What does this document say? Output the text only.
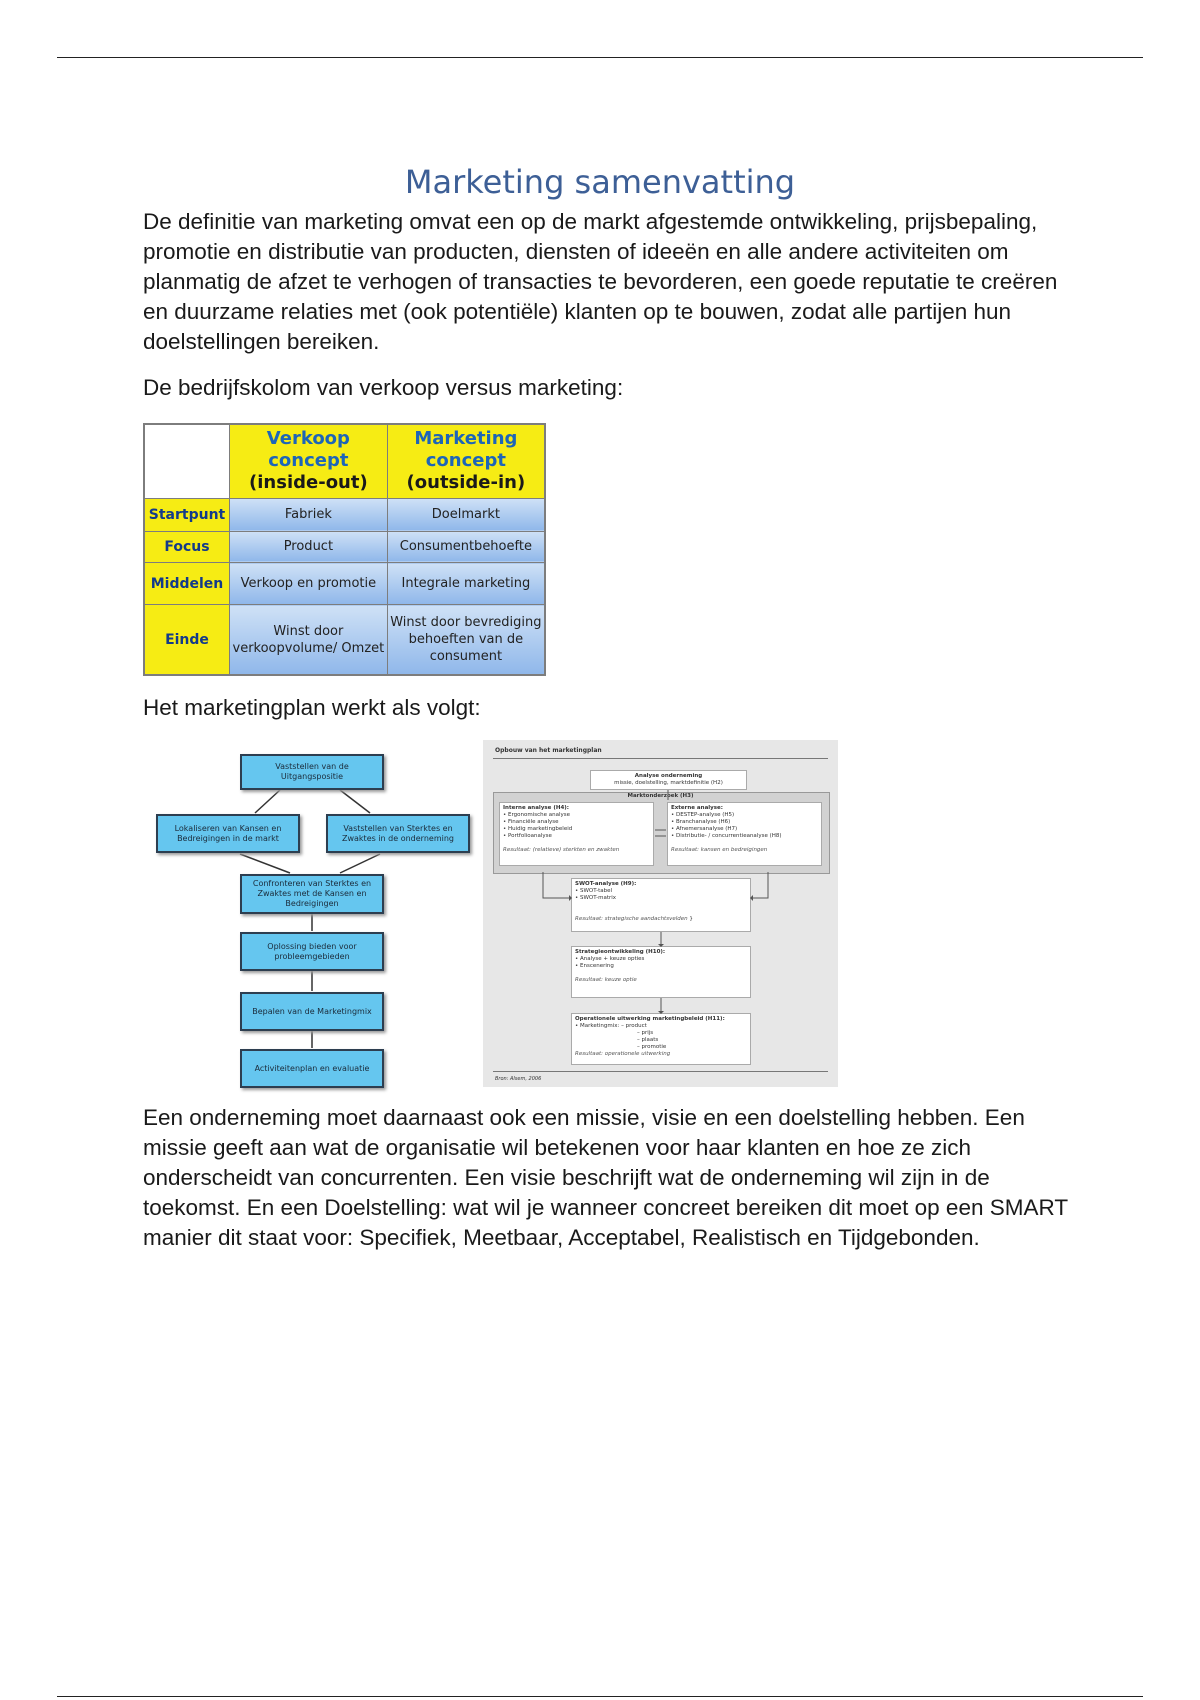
Marketing samenvatting

De definitie van marketing omvat een op de markt afgestemde ontwikkeling, prijsbepaling, promotie en distributie van producten, diensten of ideeën en alle andere activiteiten om planmatig de afzet te verhogen of transacties te bevorderen, een goede reputatie te creëren en duurzame relaties met (ook potentiële) klanten op te bouwen, zodat alle partijen hun doelstellingen bereiken.

De bedrijfskolom van verkoop versus marketing:

	Verkoop
concept
(inside-out)	Marketing
concept
(outside-in)
Startpunt	Fabriek	Doelmarkt
Focus	Product	Consumentbehoefte
Middelen	Verkoop en promotie	Integrale marketing
Einde	Winst door verkoopvolume/ Omzet	Winst door bevrediging behoeften van de consument

Het marketingplan werkt als volgt:

Vaststellen van de Uitgangspositie
Lokaliseren van Kansen en Bedreigingen in de markt
Vaststellen van Sterktes en Zwaktes in de onderneming
Confronteren van Sterktes en Zwaktes met de Kansen en Bedreigingen
Oplossing bieden voor probleemgebieden
Bepalen van de Marketingmix
Activiteitenplan en evaluatie
Opbouw van het marketingplan
Analyse onderneming
missie, doelstelling, marktdefinitie (H2)
Marktonderzoek (H3)
Interne analyse (H4):
• Ergonomische analyse
• Financiële analyse
• Huidig marketingbeleid
• Portfolioanalyse

Resultaat: (relatieve) sterkten en zwakten
Externe analyse:
• DESTEP-analyse (H5)
• Branchanalyse (H6)
• Afnemersanalyse (H7)
• Distributie- / concurrentieanalyse (H8)

Resultaat: kansen en bedreigingen
SWOT-analyse (H9):
• SWOT-tabel
• SWOT-matrix

Resultaat: strategische aandachtsvelden }
Strategieontwikkeling (H10):
• Analyse + keuze opties
• Enscenering

Resultaat: keuze optie
Operationele uitwerking marketingbeleid (H11):
• Marketingmix: – product
– prijs
– plaats
– promotie
Resultaat: operationele uitwerking
Bron: Alsem, 2006

Een onderneming moet daarnaast ook een missie, visie en een doelstelling hebben. Een missie geeft aan wat de organisatie wil betekenen voor haar klanten en hoe ze zich onderscheidt van concurrenten. Een visie beschrijft wat de onderneming wil zijn in de toekomst. En een Doelstelling: wat wil je wanneer concreet bereiken dit moet op een SMART manier dit staat voor: Specifiek, Meetbaar, Acceptabel, Realistisch en Tijdgebonden.
